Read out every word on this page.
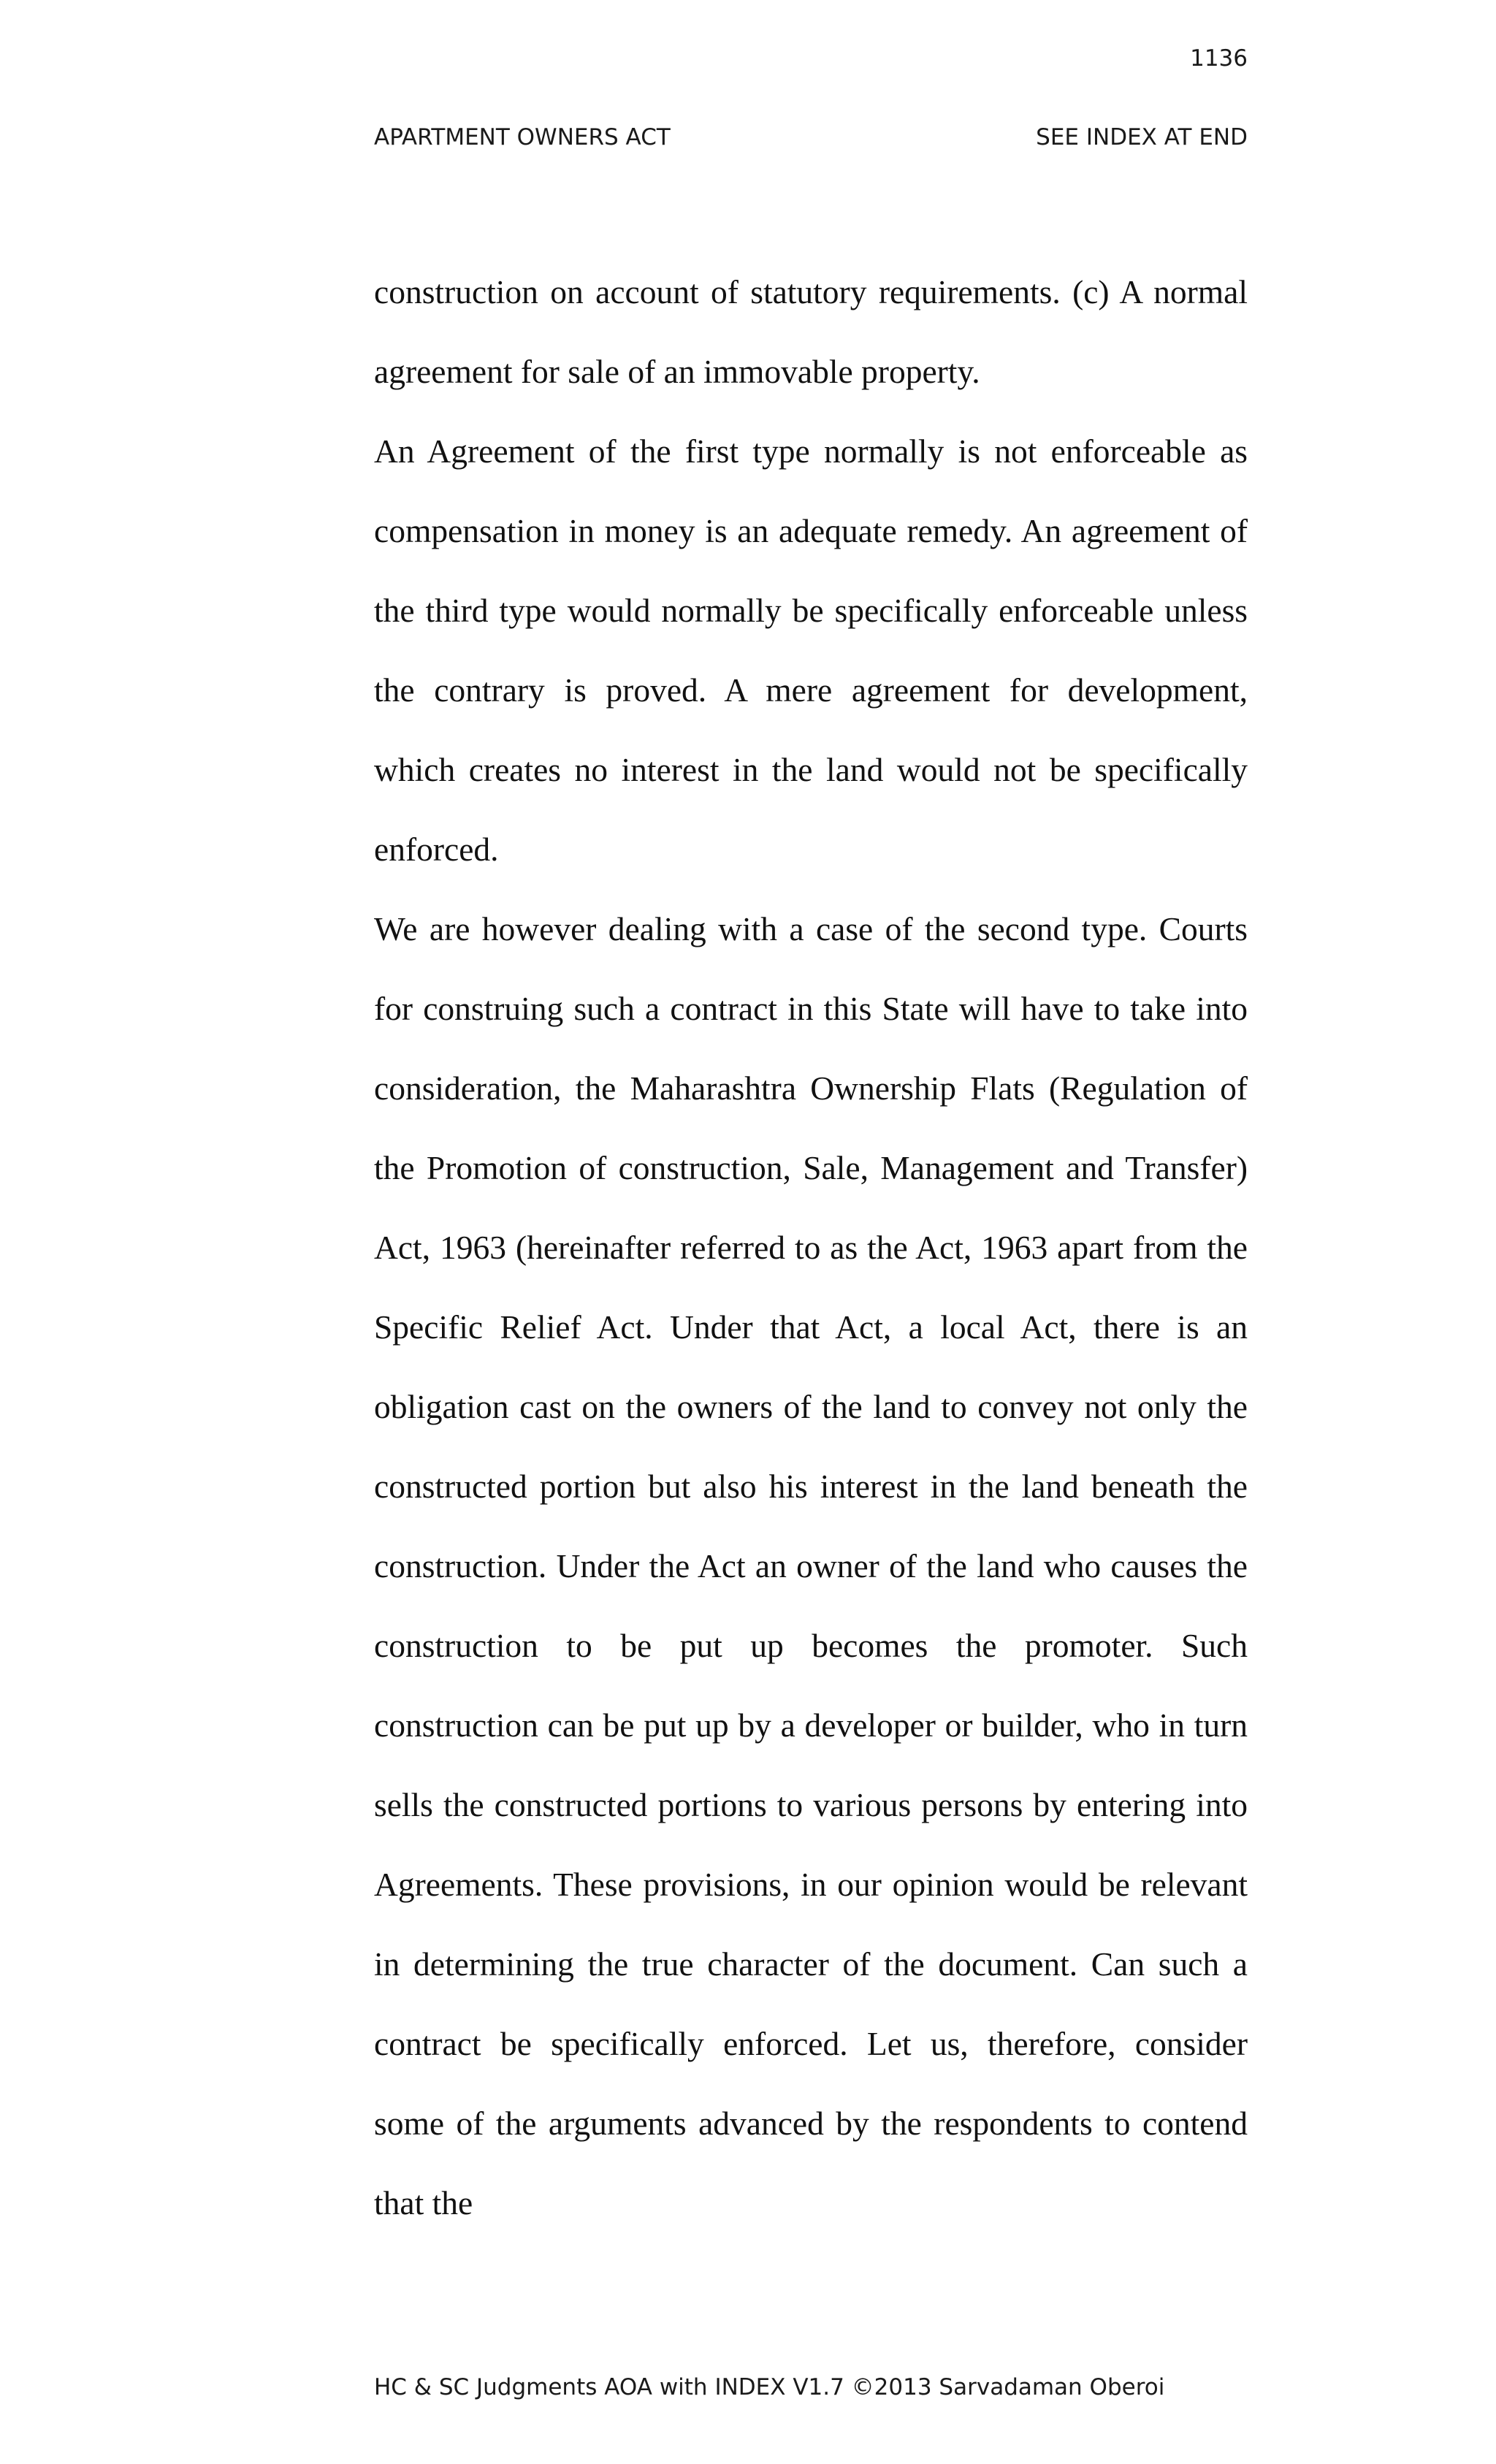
1136
APARTMENT OWNERS ACT	SEE INDEX AT END

construction on account of statutory requirements. (c) A normal agreement for sale of an immovable property.

An Agreement of the first type normally is not enforceable as compensation in money is an adequate remedy. An agreement of the third type would normally be specifically enforceable unless the contrary is proved. A mere agreement for development, which creates no interest in the land would not be specifically enforced.

We are however dealing with a case of the second type. Courts for construing such a contract in this State will have to take into consideration, the Maharashtra Ownership Flats (Regulation of the Promotion of construction, Sale, Management and Transfer) Act, 1963 (hereinafter referred to as the Act, 1963 apart from the Specific Relief Act. Under that Act, a local Act, there is an obligation cast on the owners of the land to convey not only the constructed portion but also his interest in the land beneath the construction. Under the Act an owner of the land who causes the construction to be put up becomes the promoter. Such construction can be put up by a developer or builder, who in turn sells the constructed portions to various persons by entering into Agreements. These provisions, in our opinion would be relevant in determining the true character of the document. Can such a contract be specifically enforced. Let us, therefore, consider some of the arguments advanced by the respondents to contend that the

HC & SC Judgments AOA with INDEX V1.7 ©2013 Sarvadaman Oberoi
